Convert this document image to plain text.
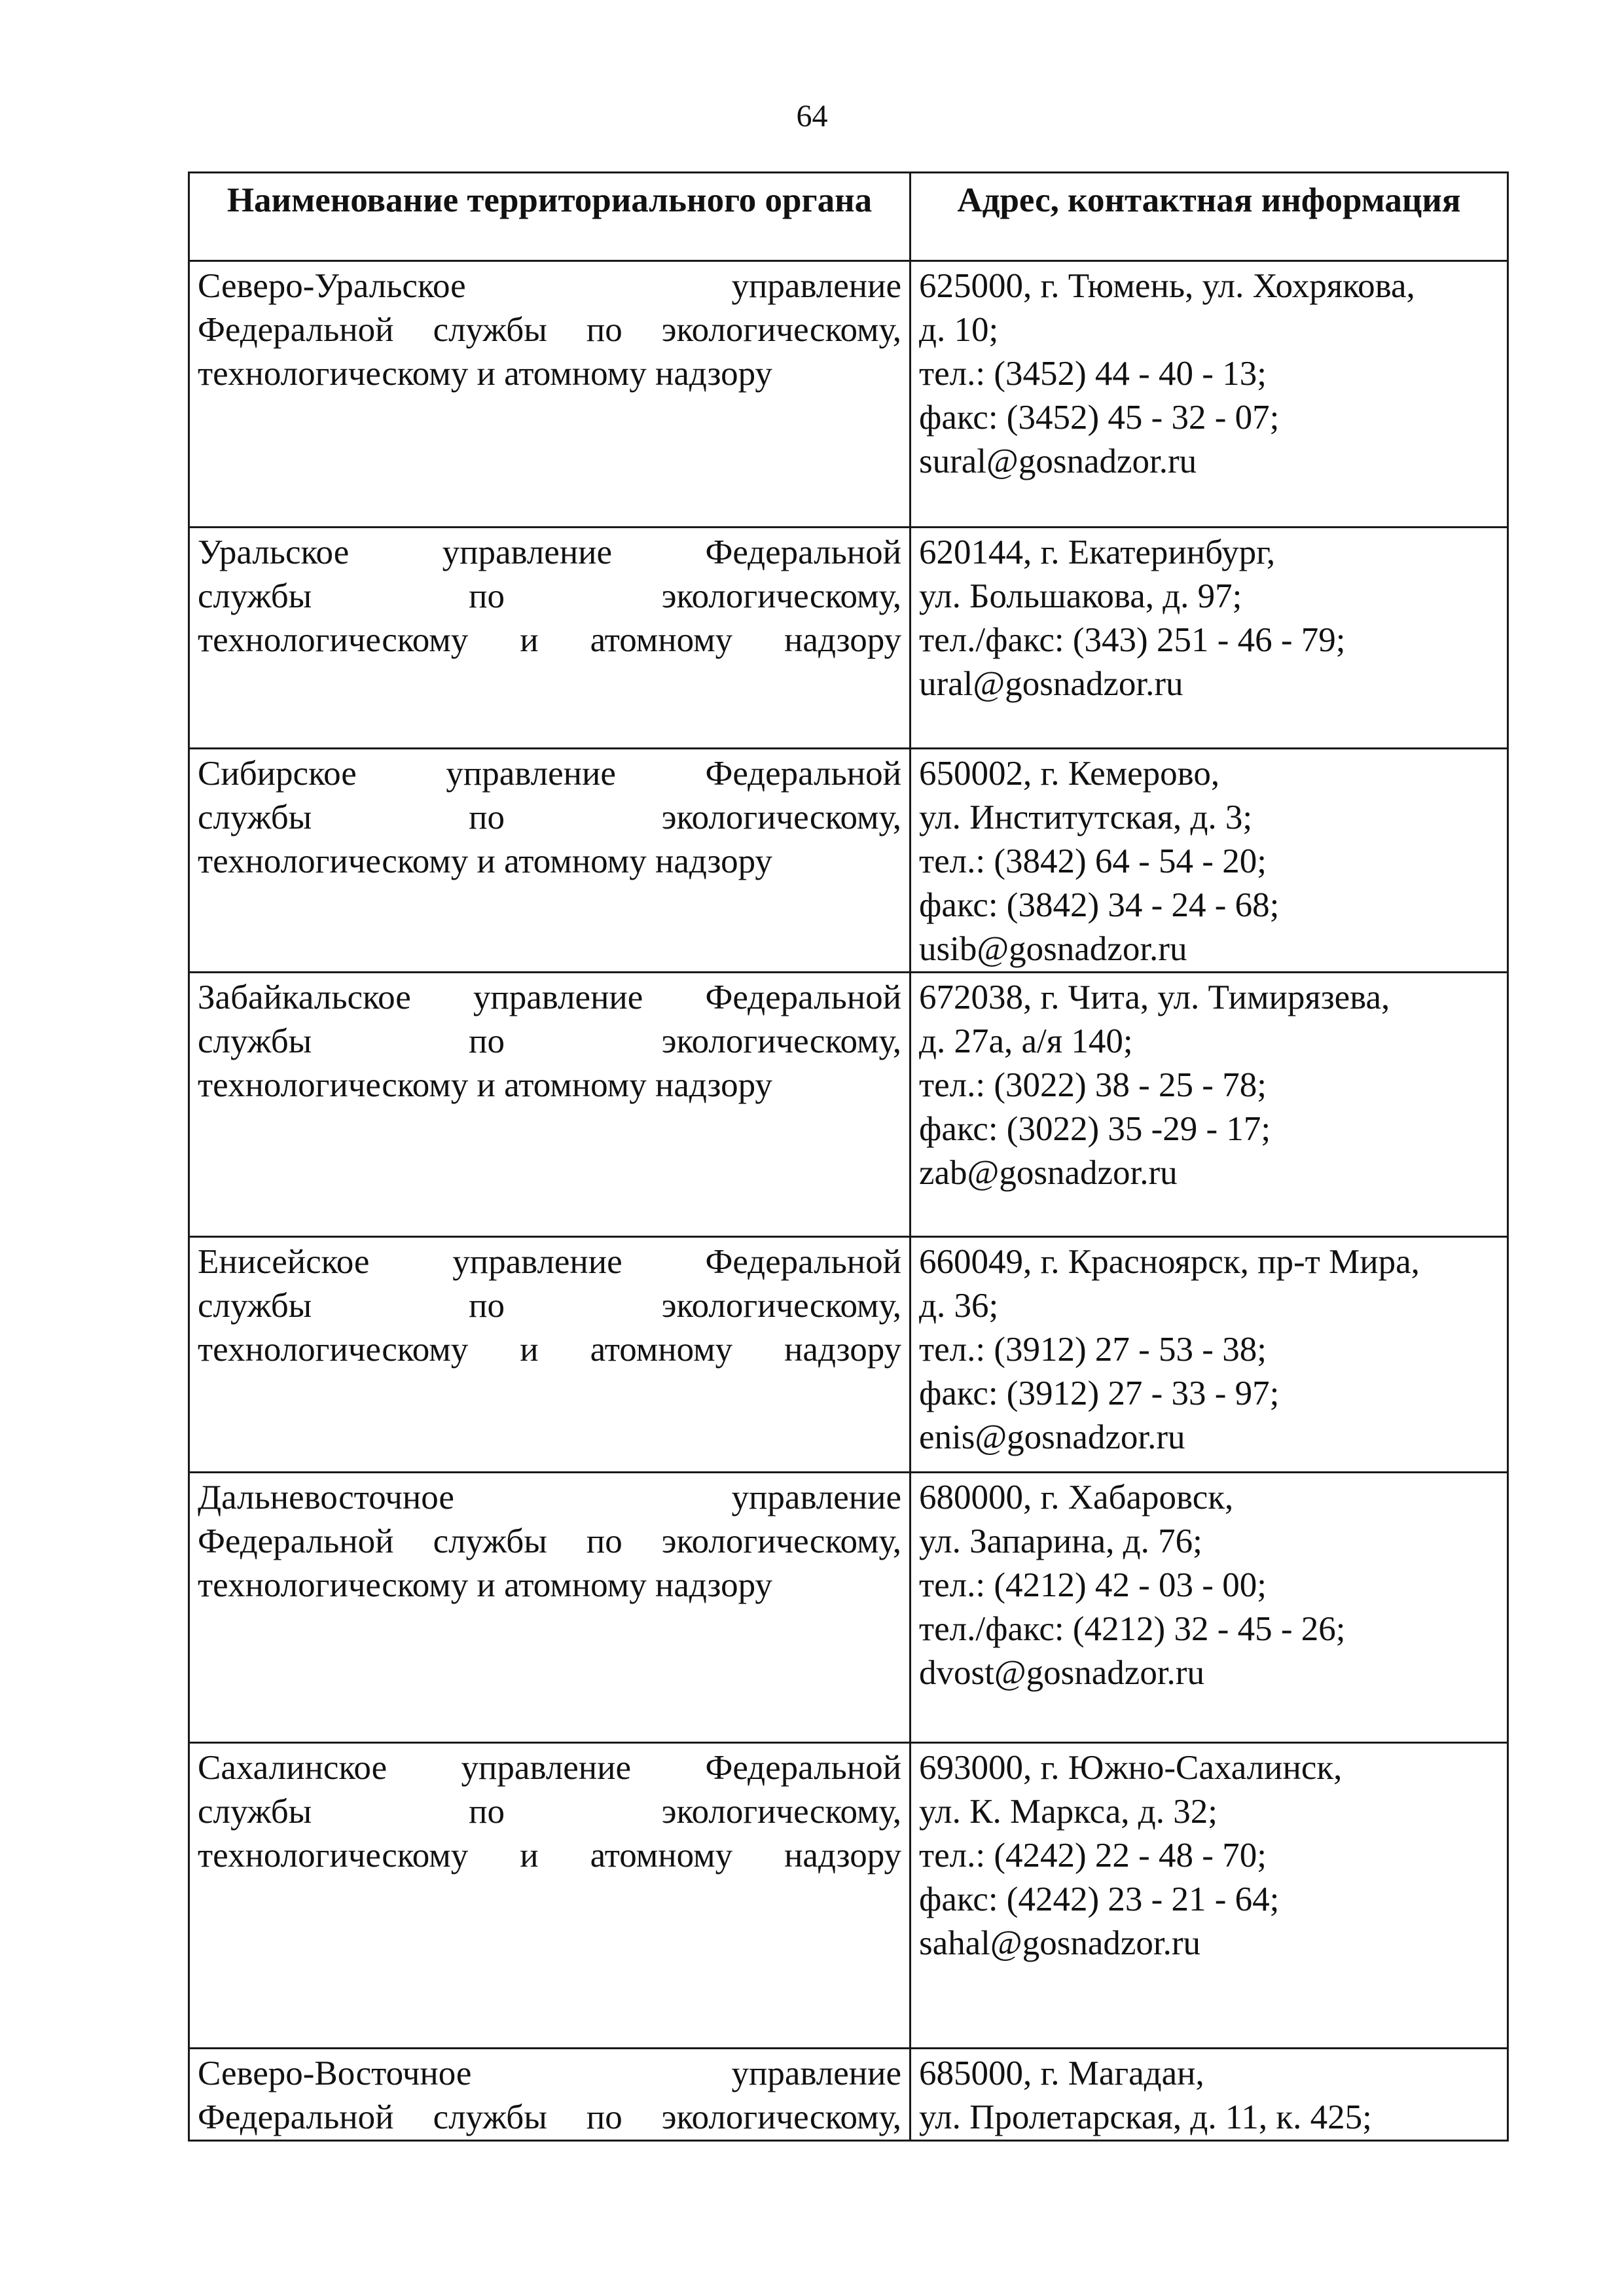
64
Наименование территориального органа	Адрес, контактная информация

Северо-Уральское управление
Федеральной службы по экологическому,
технологическому и атомному надзору	625000, г. Тюмень, ул. Хохрякова,
д. 10;
тел.: (3452) 44 - 40 - 13;
факс: (3452) 45 - 32 - 07;
sural@gosnadzor.ru

Уральское управление Федеральной
службы по экологическому,
технологическому и атомному надзору	620144, г. Екатеринбург,
ул. Большакова, д. 97;
тел./факс: (343) 251 - 46 - 79;
ural@gosnadzor.ru

Сибирское управление Федеральной
службы по экологическому,
технологическому и атомному надзору	650002, г. Кемерово,
ул. Институтская, д. 3;
тел.: (3842) 64 - 54 - 20;
факс: (3842) 34 - 24 - 68;
usib@gosnadzor.ru

Забайкальское управление Федеральной
службы по экологическому,
технологическому и атомному надзору	672038, г. Чита, ул. Тимирязева,
д. 27а, а/я 140;
тел.: (3022) 38 - 25 - 78;
факс: (3022) 35 -29 - 17;
zab@gosnadzor.ru

Енисейское управление Федеральной
службы по экологическому,
технологическому и атомному надзору	660049, г. Красноярск, пр-т Мира,
д. 36;
тел.: (3912) 27 - 53 - 38;
факс: (3912) 27 - 33 - 97;
enis@gosnadzor.ru

Дальневосточное управление
Федеральной службы по экологическому,
технологическому и атомному надзору	680000, г. Хабаровск,
ул. Запарина, д. 76;
тел.: (4212) 42 - 03 - 00;
тел./факс: (4212) 32 - 45 - 26;
dvost@gosnadzor.ru

Сахалинское управление Федеральной
службы по экологическому,
технологическому и атомному надзору	693000, г. Южно-Сахалинск,
ул. К. Маркса, д. 32;
тел.: (4242) 22 - 48 - 70;
факс: (4242) 23 - 21 - 64;
sahal@gosnadzor.ru

Северо-Восточное управление
Федеральной службы по экологическому,	685000, г. Магадан,
ул. Пролетарская, д. 11, к. 425;
